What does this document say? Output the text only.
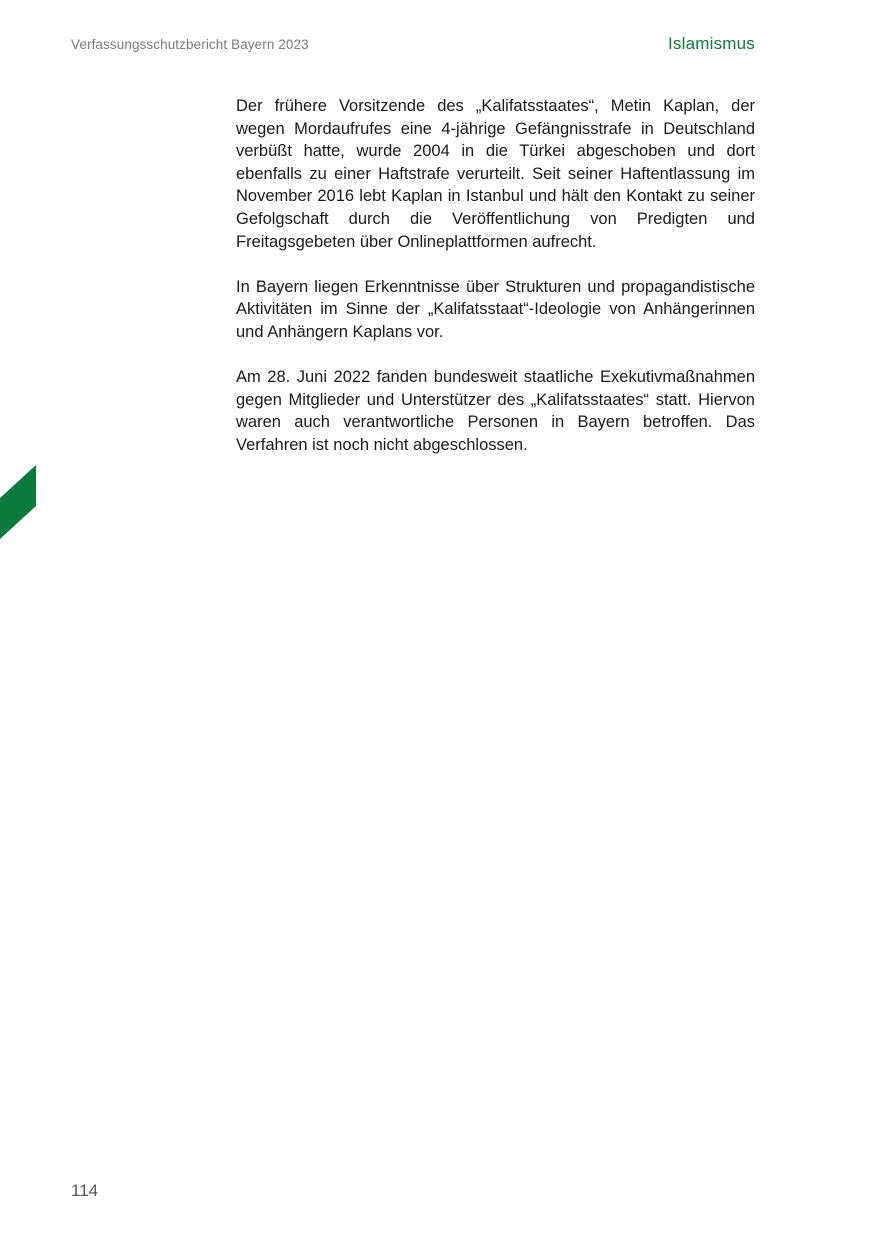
Verfassungsschutzbericht Bayern 2023	Islamismus

Der frühere Vorsitzende des „Kalifatsstaates“, Metin Kaplan, der wegen Mordaufrufes eine 4-jährige Gefängnisstrafe in Deutschland verbüßt hatte, wurde 2004 in die Türkei abgeschoben und dort ebenfalls zu einer Haftstrafe verurteilt. Seit seiner Haftentlassung im November 2016 lebt Kaplan in Istanbul und hält den Kontakt zu seiner Gefolgschaft durch die Veröffentlichung von Predigten und Freitagsgebeten über Onlineplattformen aufrecht.

In Bayern liegen Erkenntnisse über Strukturen und propagandistische Aktivitäten im Sinne der „Kalifatsstaat“-Ideologie von Anhängerinnen und Anhängern Kaplans vor.

Am 28. Juni 2022 fanden bundesweit staatliche Exekutivmaßnahmen gegen Mitglieder und Unterstützer des „Kalifatsstaates“ statt. Hiervon waren auch verantwortliche Personen in Bayern betroffen. Das Verfahren ist noch nicht abgeschlossen.

114
